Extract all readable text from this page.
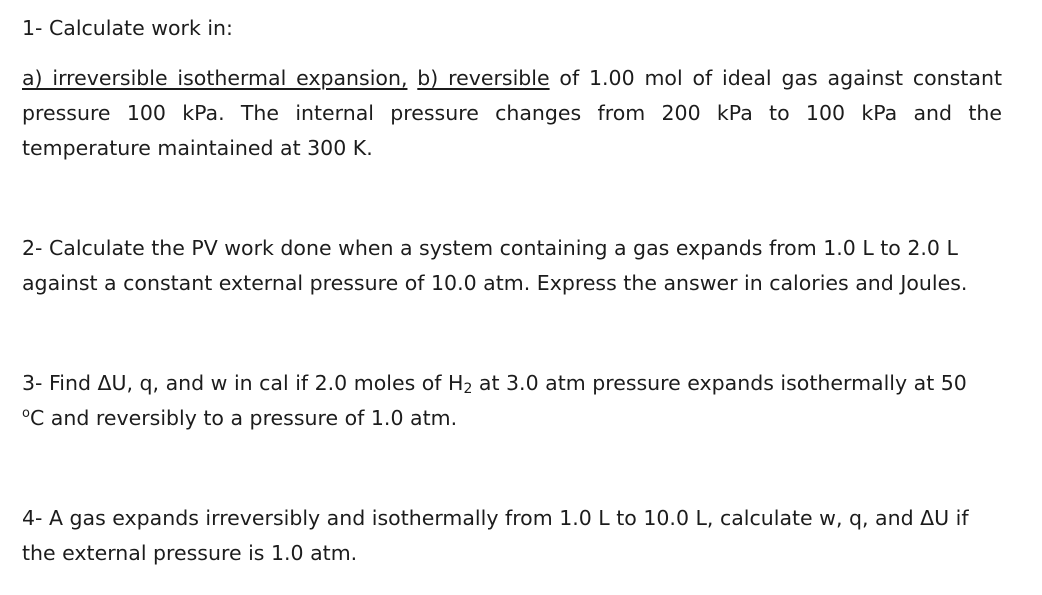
1- Calculate work in:
a) irreversible isothermal expansion, b) reversible of 1.00 mol of ideal gas against constant
pressure 100 kPa. The internal pressure changes from 200 kPa to 100 kPa and the
temperature maintained at 300 K.
2- Calculate the PV work done when a system containing a gas expands from 1.0 L to 2.0 L
against a constant external pressure of 10.0 atm. Express the answer in calories and Joules.
3- Find ΔU, q, and w in cal if 2.0 moles of $H_2$ at 3.0 atm pressure expands isothermally at 50
$^o$C and reversibly to a pressure of 1.0 atm.
4- A gas expands irreversibly and isothermally from 1.0 L to 10.0 L, calculate w, q, and ΔU if
the external pressure is 1.0 atm.
